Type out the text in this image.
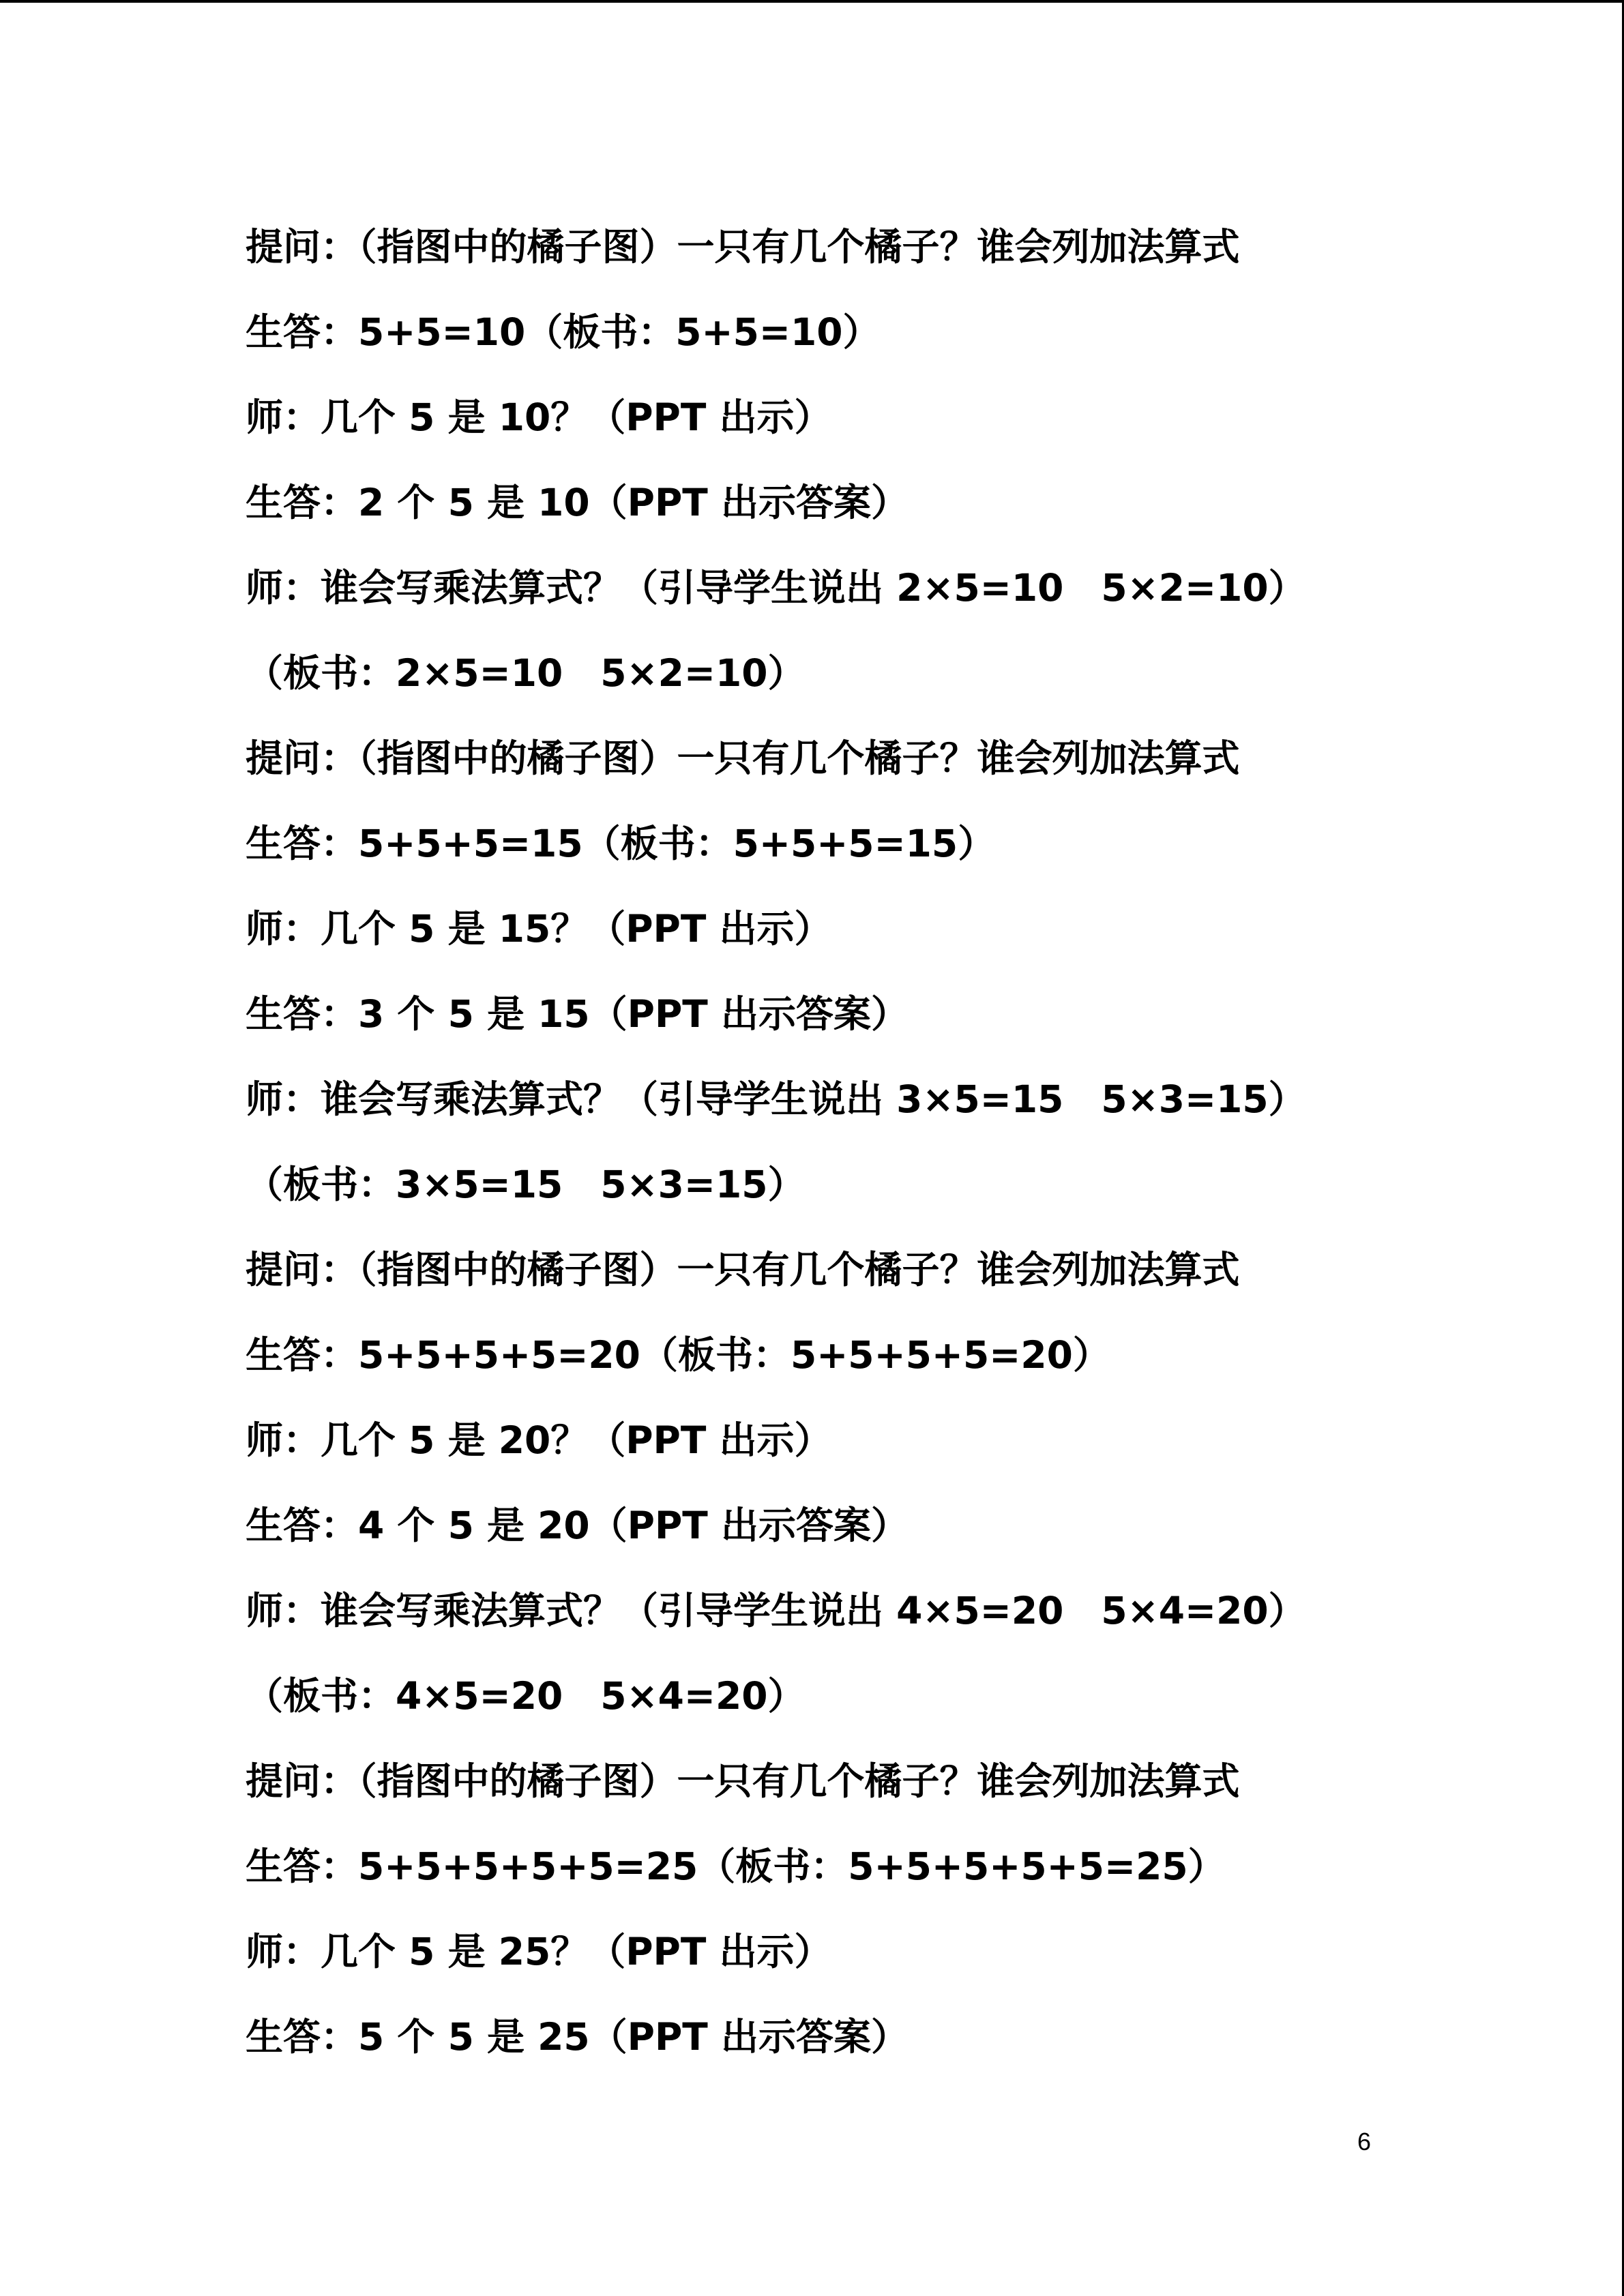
提问：（指图中的橘子图）一只有几个橘子？谁会列加法算式
生答：5+5=10（板书：5+5=10）
师：几个 5 是 10？（PPT 出示）
生答：2 个 5 是 10（PPT 出示答案）
师：谁会写乘法算式？（引导学生说出 2×5=10　5×2=10）
（板书：2×5=10　5×2=10）
提问：（指图中的橘子图）一只有几个橘子？谁会列加法算式
生答：5+5+5=15（板书：5+5+5=15）
师：几个 5 是 15？（PPT 出示）
生答：3 个 5 是 15（PPT 出示答案）
师：谁会写乘法算式？（引导学生说出 3×5=15　5×3=15）
（板书：3×5=15　5×3=15）
提问：（指图中的橘子图）一只有几个橘子？谁会列加法算式
生答：5+5+5+5=20（板书：5+5+5+5=20）
师：几个 5 是 20？（PPT 出示）
生答：4 个 5 是 20（PPT 出示答案）
师：谁会写乘法算式？（引导学生说出 4×5=20　5×4=20）
（板书：4×5=20　5×4=20）
提问：（指图中的橘子图）一只有几个橘子？谁会列加法算式
生答：5+5+5+5+5=25（板书：5+5+5+5+5=25）
师：几个 5 是 25？（PPT 出示）
生答：5 个 5 是 25（PPT 出示答案）
6
